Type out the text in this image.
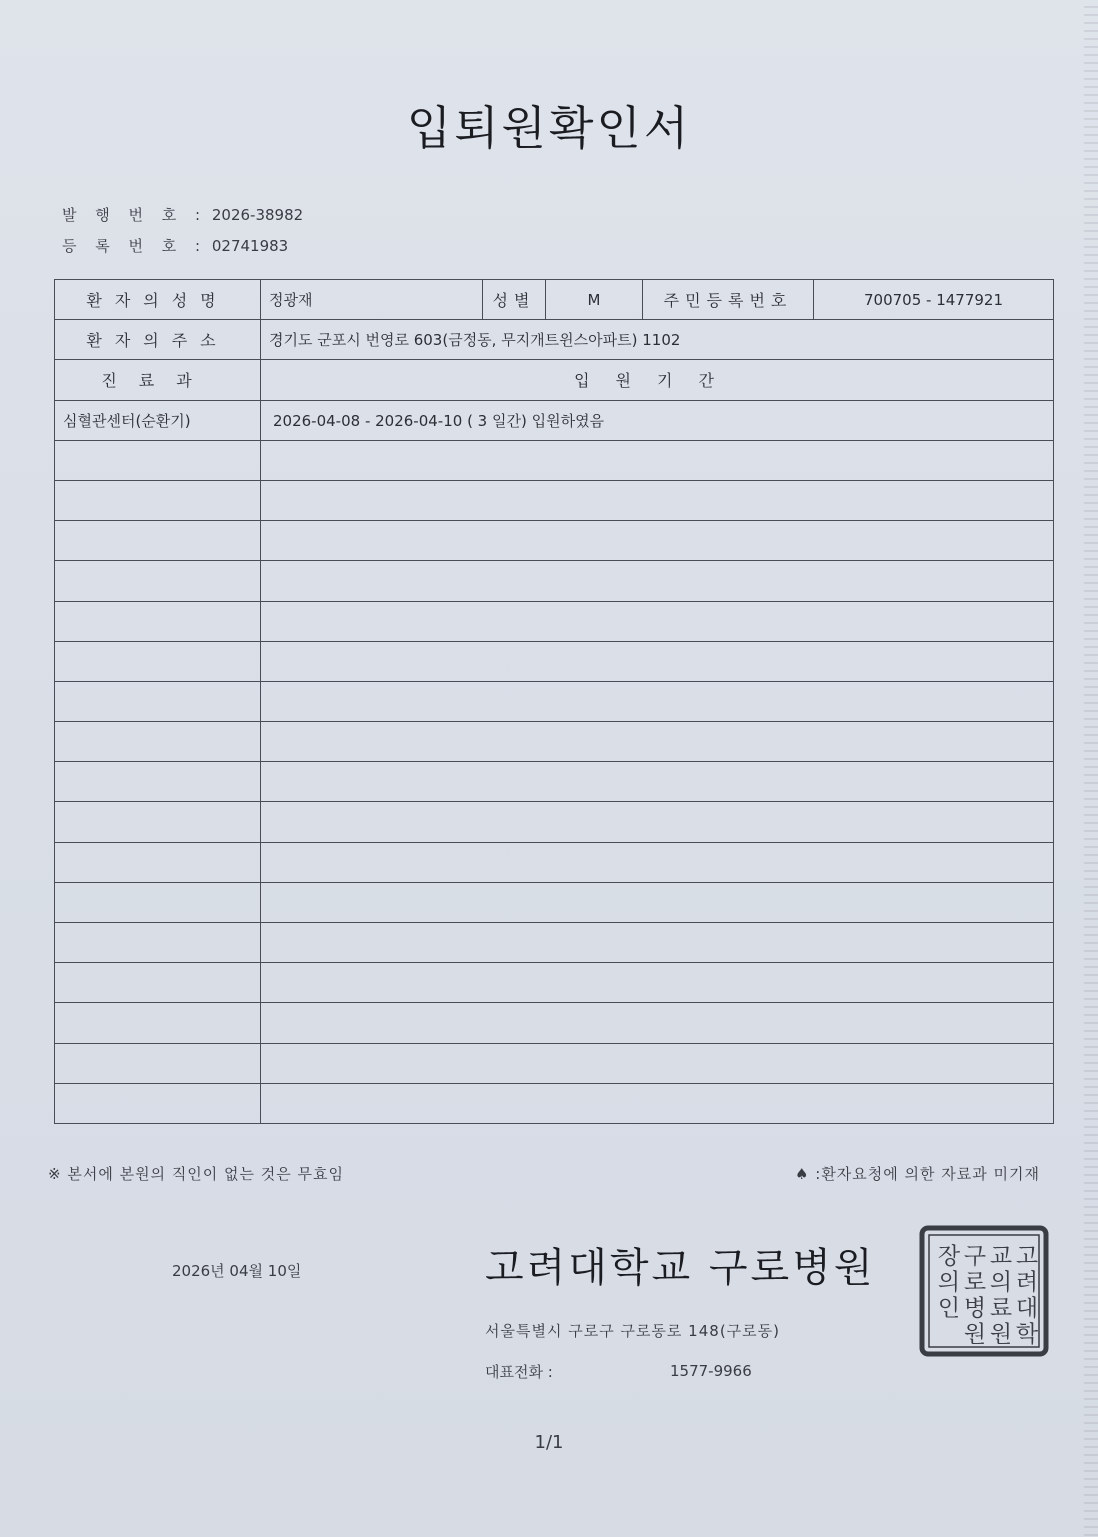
입퇴원확인서
발 행 번 호 : 2026-38982
등 록 번 호 : 02741983
환자의성명	정광재	성별	M	주민등록번호	700705 - 1477921
환자의주소	경기도 군포시 번영로 603(금정동, 무지개트윈스아파트) 1102				
진료과	입원기간				
심혈관센터(순환기)	2026-04-08 - 2026-04-10 ( 3 일간) 입원하였음				

※ 본서에 본원의 직인이 없는 것은 무효임	♠ :환자요청에 의한 자료과 미기재
2026년 04월 10일	고려대학교 구로병원
서울특별시 구로구 구로동로 148(구로동)
대표전화 :	1577-9966
1/1
고
려
대
학
교
의
료
원
구
로
병
원
장
의
인
